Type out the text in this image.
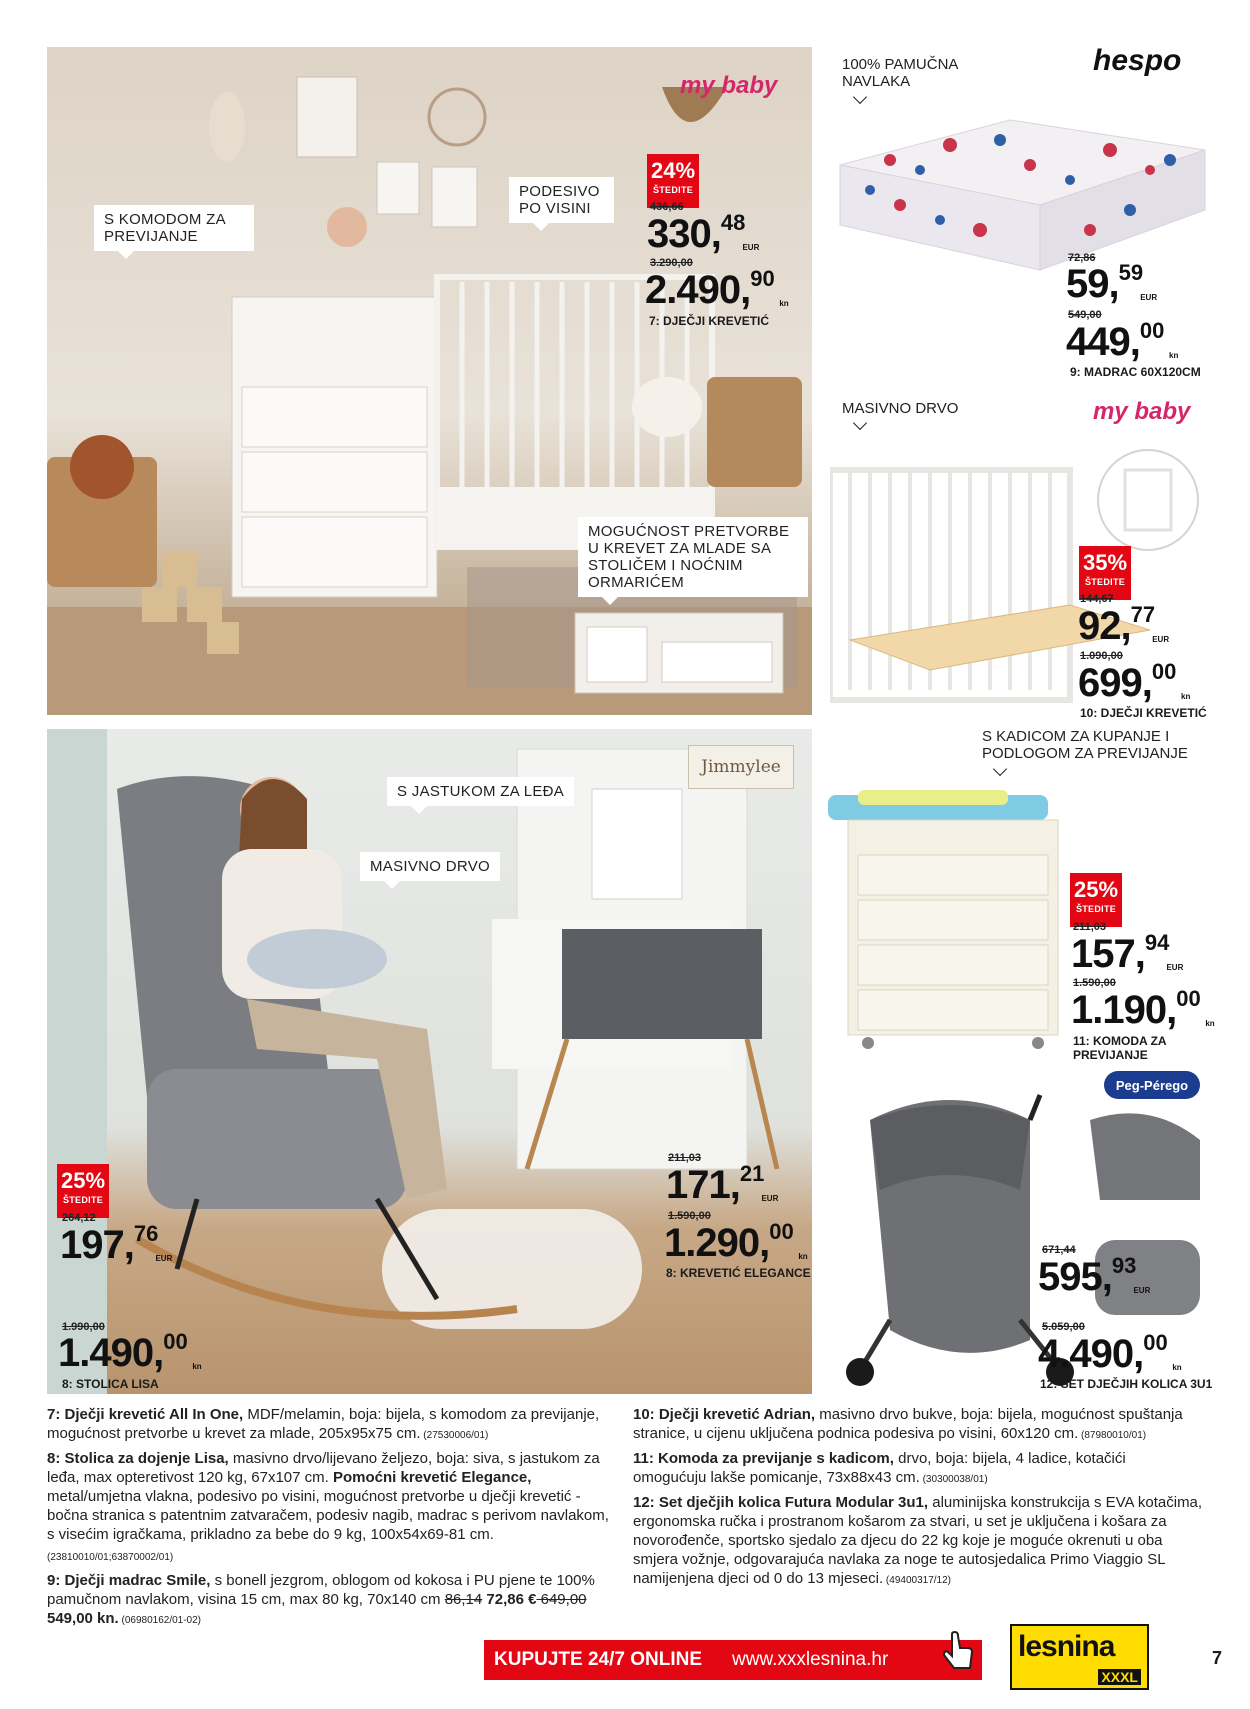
my baby
S KOMODOM ZA PREVIJANJE
PODESIVO PO VISINI
MOGUĆNOST PRETVORBE U KREVET ZA MLADE SA STOLIČEM I NOĆNIM ORMARIĆEM
24%
ŠTEDITE
436,66
330,48
EUR
3.290,00
2.490,90
kn
7: DJEČJI KREVETIĆ
100% PAMUČNA NAVLAKA
hespo
72,86
59,59
EUR
549,00
449,00
kn
9: MADRAC 60X120CM
MASIVNO DRVO	my baby
35%
ŠTEDITE
144,67
92,77
EUR
1.090,00
699,00
kn
10: DJEČJI KREVETIĆ
Jimmylee
S JASTUKOM ZA LEĐA
MASIVNO DRVO
211,03
171,21
EUR
1.590,00
1.290,00
kn
8: KREVETIĆ ELEGANCE
25%
ŠTEDITE
264,12
197,76
EUR
1.990,00
1.490,00
kn
8: STOLICA LISA
S KADICOM ZA KUPANJE I PODLOGOM ZA PREVIJANJE
25%
ŠTEDITE
211,03
157,94
EUR
1.590,00
1.190,00
kn
11: KOMODA ZA PREVIJANJE
Peg-Pérego
671,44
595,93
EUR
5.059,00
4.490,00
kn
12: SET DJEČJIH KOLICA 3U1

7: Dječji krevetić All In One, MDF/melamin, boja: bijela, s komodom za previjanje, mogućnost pretvorbe u krevet za mlade, 205x95x75 cm. (27530006/01)

8: Stolica za dojenje Lisa, masivno drvo/lijevano željezo, boja: siva, s jastukom za leđa, max opteretivost 120 kg, 67x107 cm. Pomoćni krevetić Elegance, metal/umjetna vlakna, podesivo po visini, mogućnost pretvorbe u dječji krevetić - bočna stranica s patentnim zatvaračem, podesiv nagib, madrac s perivom navlakom, s visećim igračkama, prikladno za bebe do 9 kg, 100x54x69-81 cm. (23810010/01;63870002/01)

9: Dječji madrac Smile, s bonell jezgrom, oblogom od kokosa i PU pjene te 100% pamučnom navlakom, visina 15 cm, max 80 kg, 70x140 cm 86,14 72,86 € 649,00 549,00 kn. (06980162/01-02)

10: Dječji krevetić Adrian, masivno drvo bukve, boja: bijela, mogućnost spuštanja stranice, u cijenu uključena podnica podesiva po visini, 60x120 cm. (87980010/01)

11: Komoda za previjanje s kadicom, drvo, boja: bijela, 4 ladice, kotačići omogućuju lakše pomicanje, 73x88x43 cm. (30300038/01)

12: Set dječjih kolica Futura Modular 3u1, aluminijska konstrukcija s EVA kotačima, ergonomska ručka i prostranom košarom za stvari, u set je uključena i košara za novorođenče, sportsko sjedalo za djecu do 22 kg koje je moguće okrenuti u oba smjera vožnje, odgovarajuća navlaka za noge te autosjedalica Primo Viaggio SL namijenjena djeci od 0 do 13 mjeseci. (49400317/12)

KUPUJTE 24/7 ONLINE www.xxxlesnina.hr	lesnina
XXXL
7
